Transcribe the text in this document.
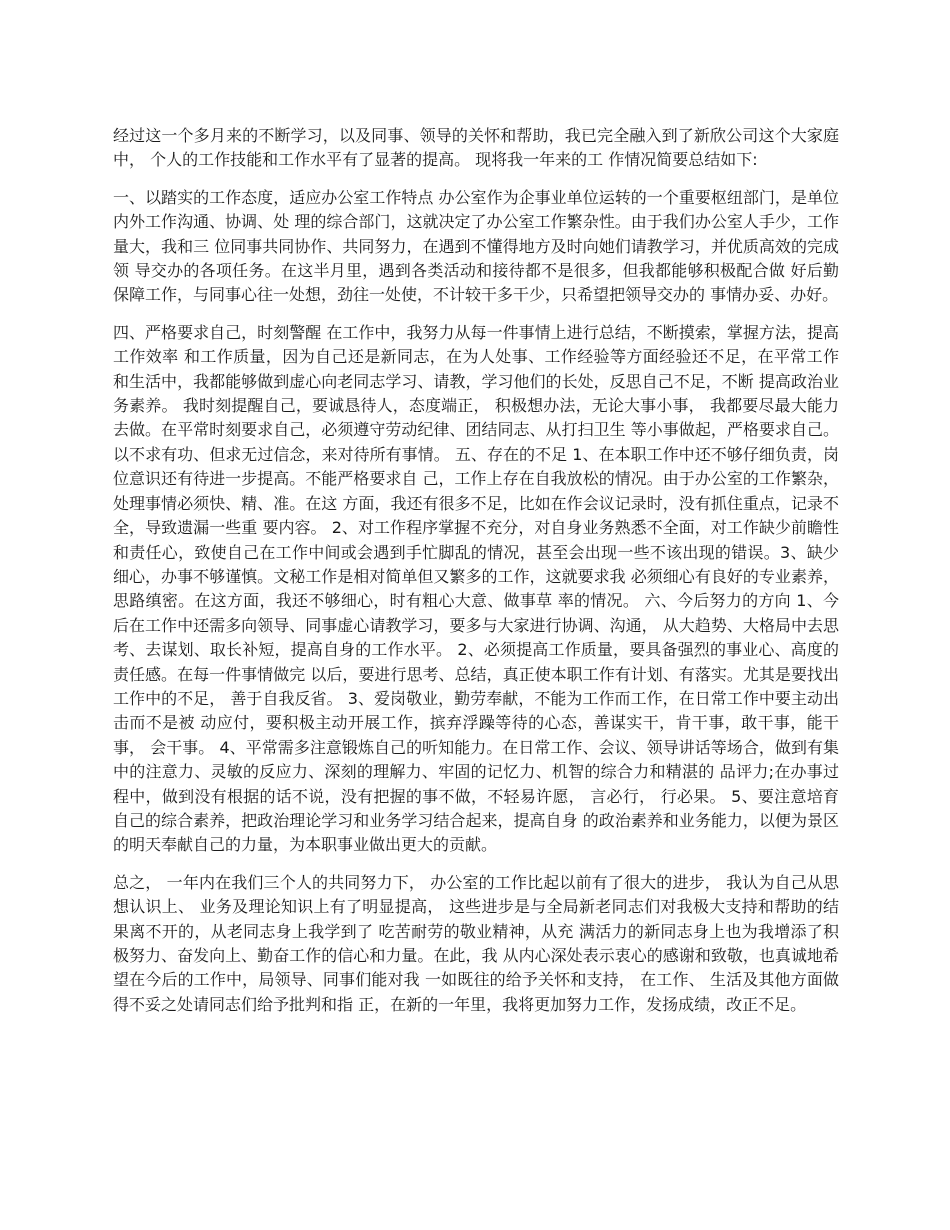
经过这一个多月来的不断学习，以及同事、领导的关怀和帮助，我已完全融入到了新欣公司这个大家庭中， 个人的工作技能和工作水平有了显著的提高。 现将我一年来的工 作情况简要总结如下:

一、以踏实的工作态度，适应办公室工作特点 办公室作为企事业单位运转的一个重要枢纽部门，是单位内外工作沟通、协调、处 理的综合部门，这就决定了办公室工作繁杂性。由于我们办公室人手少，工作量大，我和三 位同事共同协作、共同努力，在遇到不懂得地方及时向她们请教学习，并优质高效的完成领 导交办的各项任务。在这半月里，遇到各类活动和接待都不是很多，但我都能够积极配合做 好后勤保障工作，与同事心往一处想，劲往一处使，不计较干多干少，只希望把领导交办的 事情办妥、办好。

四、严格要求自己，时刻警醒 在工作中，我努力从每一件事情上进行总结，不断摸索，掌握方法，提高工作效率 和工作质量，因为自己还是新同志，在为人处事、工作经验等方面经验还不足，在平常工作 和生活中，我都能够做到虚心向老同志学习、请教，学习他们的长处，反思自己不足，不断 提高政治业务素养。 我时刻提醒自己，要诚恳待人，态度端正， 积极想办法，无论大事小事， 我都要尽最大能力去做。在平常时刻要求自己，必须遵守劳动纪律、团结同志、从打扫卫生 等小事做起，严格要求自己。以不求有功、但求无过信念，来对待所有事情。 五、存在的不足 1、在本职工作中还不够仔细负责，岗位意识还有待进一步提高。不能严格要求自 己，工作上存在自我放松的情况。由于办公室的工作繁杂，处理事情必须快、精、准。在这 方面，我还有很多不足，比如在作会议记录时，没有抓住重点，记录不全，导致遗漏一些重 要内容。 2、对工作程序掌握不充分，对自身业务熟悉不全面，对工作缺少前瞻性和责任心，致使自己在工作中间或会遇到手忙脚乱的情况，甚至会出现一些不该出现的错误。3、缺少细心，办事不够谨慎。文秘工作是相对简单但又繁多的工作，这就要求我 必须细心有良好的专业素养，思路缜密。在这方面，我还不够细心，时有粗心大意、做事草 率的情况。 六、今后努力的方向 1、今后在工作中还需多向领导、同事虚心请教学习，要多与大家进行协调、沟通， 从大趋势、大格局中去思考、去谋划、取长补短，提高自身的工作水平。 2、必须提高工作质量，要具备强烈的事业心、高度的责任感。在每一件事情做完 以后，要进行思考、总结，真正使本职工作有计划、有落实。尤其是要找出工作中的不足， 善于自我反省。 3、爱岗敬业，勤劳奉献，不能为工作而工作，在日常工作中要主动出击而不是被 动应付，要积极主动开展工作，摈弃浮躁等待的心态，善谋实干，肯干事，敢干事，能干事， 会干事。 4、平常需多注意锻炼自己的听知能力。在日常工作、会议、领导讲话等场合，做到有集中的注意力、灵敏的反应力、深刻的理解力、牢固的记忆力、机智的综合力和精湛的 品评力;在办事过程中，做到没有根据的话不说，没有把握的事不做，不轻易许愿， 言必行， 行必果。 5、要注意培育自己的综合素养，把政治理论学习和业务学习结合起来，提高自身 的政治素养和业务能力，以便为景区的明天奉献自己的力量，为本职事业做出更大的贡献。

总之， 一年内在我们三个人的共同努力下， 办公室的工作比起以前有了很大的进步， 我认为自己从思想认识上、 业务及理论知识上有了明显提高， 这些进步是与全局新老同志们对我极大支持和帮助的结果离不开的，从老同志身上我学到了 吃苦耐劳的敬业精神，从充 满活力的新同志身上也为我增添了积极努力、奋发向上、勤奋工作的信心和力量。在此，我 从内心深处表示衷心的感谢和致敬，也真诚地希望在今后的工作中，局领导、同事们能对我 一如既往的给予关怀和支持， 在工作、 生活及其他方面做得不妥之处请同志们给予批判和指 正，在新的一年里，我将更加努力工作，发扬成绩，改正不足。
